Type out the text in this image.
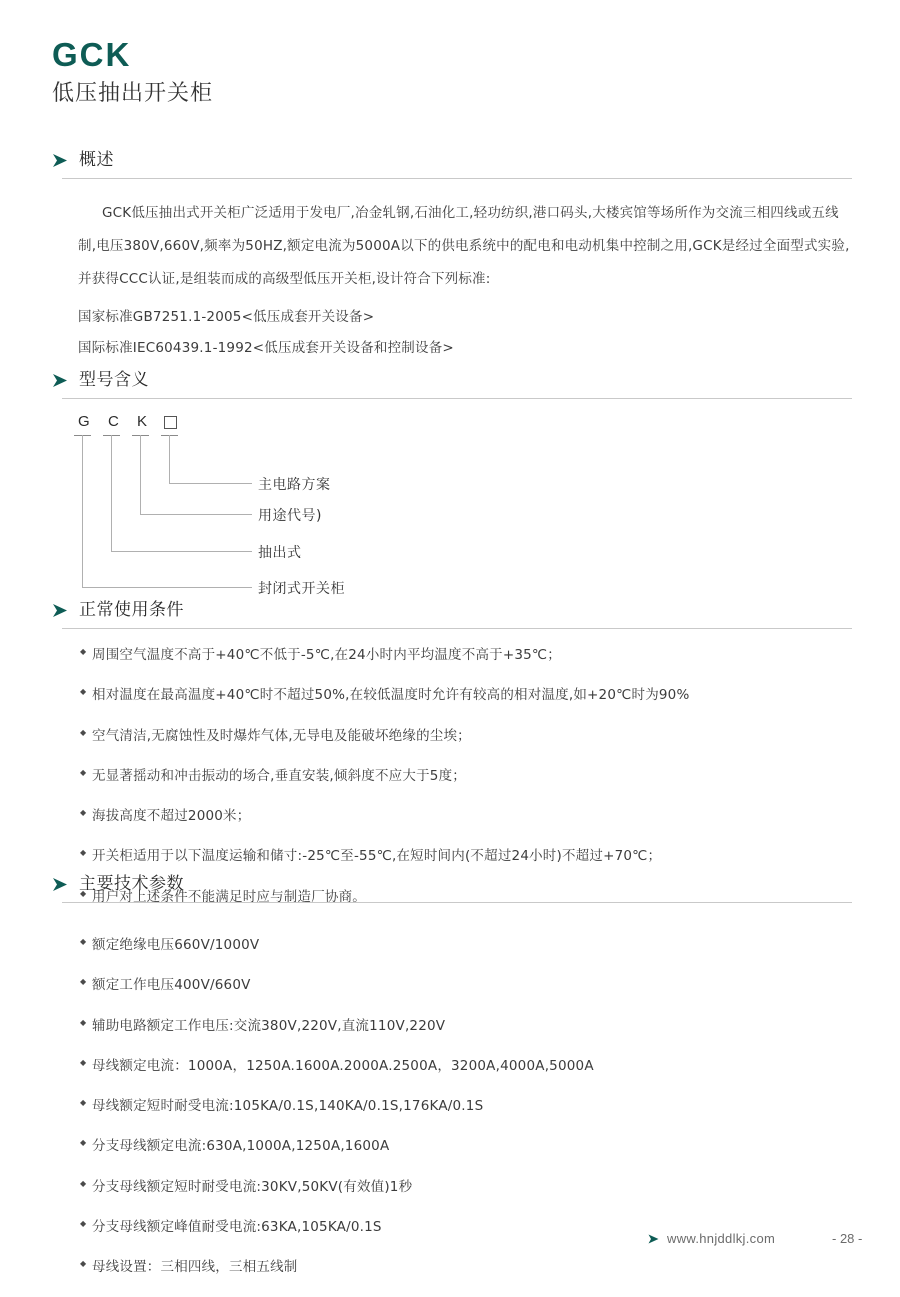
GCK
低压抽出开关柜
概述

GCK低压抽出式开关柜广泛适用于发电厂,冶金轧钢,石油化工,轻功纺织,港口码头,大楼宾馆等场所作为交流三相四线或五线制,电压380V,660V,频率为50HZ,额定电流为5000A以下的供电系统中的配电和电动机集中控制之用,GCK是经过全面型式实验,并获得CCC认证,是组装而成的高级型低压开关柜,设计符合下列标准:

国家标准GB7251.1-2005<低压成套开关设备>
国际标准IEC60439.1-1992<低压成套开关设备和控制设备>
型号含义
G C K
主电路方案
用途代号)
抽出式
封闭式开关柜
正常使用条件
◆ 周围空气温度不高于+40℃不低于-5℃,在24小时内平均温度不高于+35℃；
◆ 相对温度在最高温度+40℃时不超过50%,在较低温度时允许有较高的相对温度,如+20℃时为90%
◆ 空气清洁,无腐蚀性及时爆炸气体,无导电及能破坏绝缘的尘埃；
◆ 无显著摇动和冲击振动的场合,垂直安装,倾斜度不应大于5度；
◆ 海拔高度不超过2000米；
◆ 开关柜适用于以下温度运输和储寸:-25℃至-55℃,在短时间内(不超过24小时)不超过+70℃；
◆ 用户对上述条件不能满足时应与制造厂协商。
主要技术参数
◆ 额定绝缘电压660V/1000V
◆ 额定工作电压400V/660V
◆ 辅助电路额定工作电压:交流380V,220V,直流110V,220V
◆ 母线额定电流：1000A，1250A.1600A.2000A.2500A，3200A,4000A,5000A
◆ 母线额定短时耐受电流:105KA/0.1S,140KA/0.1S,176KA/0.1S
◆ 分支母线额定电流:630A,1000A,1250A,1600A
◆ 分支母线额定短时耐受电流:30KV,50KV(有效值)1秒
◆ 分支母线额定峰值耐受电流:63KA,105KA/0.1S
◆ 母线设置：三相四线，三相五线制
www.hnjddlkj.com	- 28 -
